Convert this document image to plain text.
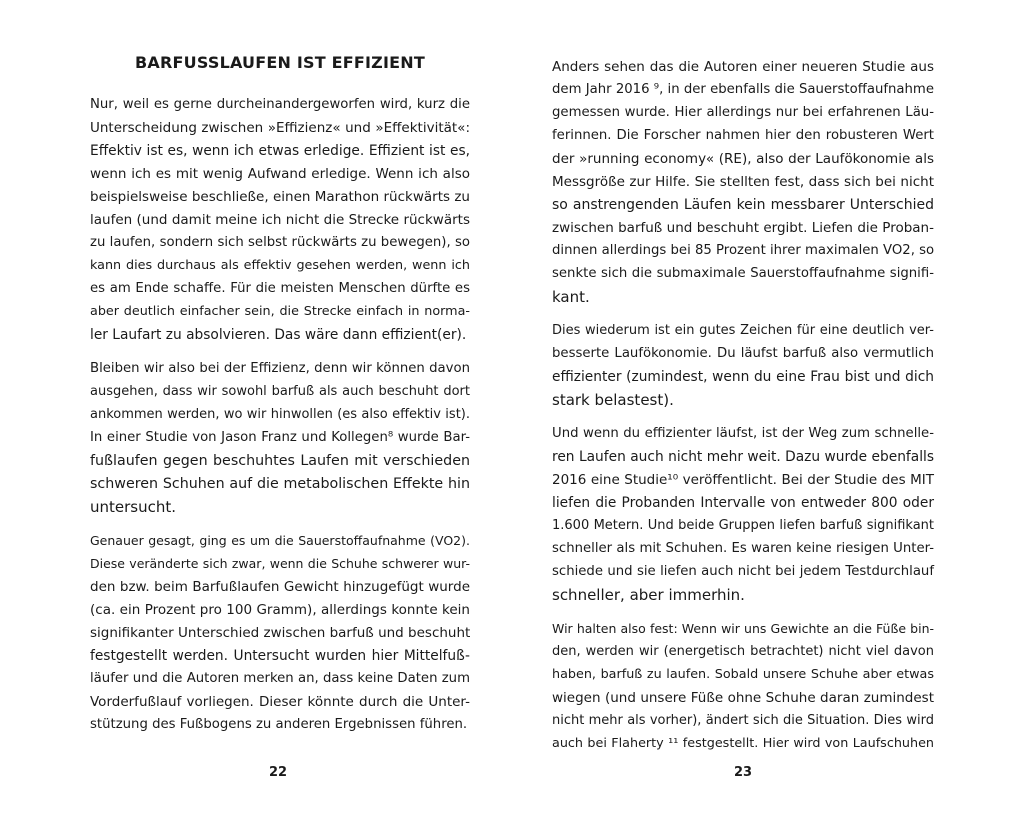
BARFUSSLAUFEN IST EFFIZIENT

Nur, weil es gerne durcheinandergeworfen wird, kurz die

Unterscheidung zwischen »Effizienz« und »Effektivität«:

Effektiv ist es, wenn ich etwas erledige. Effizient ist es,

wenn ich es mit wenig Aufwand erledige. Wenn ich also

beispielsweise beschließe, einen Marathon rückwärts zu

laufen (und damit meine ich nicht die Strecke rückwärts

zu laufen, sondern sich selbst rückwärts zu bewegen), so

kann dies durchaus als effektiv gesehen werden, wenn ich

es am Ende schaffe. Für die meisten Menschen dürfte es

aber deutlich einfacher sein, die Strecke einfach in norma-

ler Laufart zu absolvieren. Das wäre dann effizient(er).

Bleiben wir also bei der Effizienz, denn wir können davon

ausgehen, dass wir sowohl barfuß als auch beschuht dort

ankommen werden, wo wir hinwollen (es also effektiv ist).

In einer Studie von Jason Franz und Kollegen⁸ wurde Bar-

fußlaufen gegen beschuhtes Laufen mit verschieden

schweren Schuhen auf die metabolischen Effekte hin

untersucht.

Genauer gesagt, ging es um die Sauerstoffaufnahme (VO2).

Diese veränderte sich zwar, wenn die Schuhe schwerer wur-

den bzw. beim Barfußlaufen Gewicht hinzugefügt wurde

(ca. ein Prozent pro 100 Gramm), allerdings konnte kein

signifikanter Unterschied zwischen barfuß und beschuht

festgestellt werden. Untersucht wurden hier Mittelfuß-

läufer und die Autoren merken an, dass keine Daten zum

Vorderfußlauf vorliegen. Dieser könnte durch die Unter-

stützung des Fußbogens zu anderen Ergebnissen führen.

22

Anders sehen das die Autoren einer neueren Studie aus

dem Jahr 2016 ⁹, in der ebenfalls die Sauerstoffaufnahme

gemessen wurde. Hier allerdings nur bei erfahrenen Läu-

ferinnen. Die Forscher nahmen hier den robusteren Wert

der »running economy« (RE), also der Laufökonomie als

Messgröße zur Hilfe. Sie stellten fest, dass sich bei nicht

so anstrengenden Läufen kein messbarer Unterschied

zwischen barfuß und beschuht ergibt. Liefen die Proban-

dinnen allerdings bei 85 Prozent ihrer maximalen VO2, so

senkte sich die submaximale Sauerstoffaufnahme signifi-

kant.

Dies wiederum ist ein gutes Zeichen für eine deutlich ver-

besserte Laufökonomie. Du läufst barfuß also vermutlich

effizienter (zumindest, wenn du eine Frau bist und dich

stark belastest).

Und wenn du effizienter läufst, ist der Weg zum schnelle-

ren Laufen auch nicht mehr weit. Dazu wurde ebenfalls

2016 eine Studie¹⁰ veröffentlicht. Bei der Studie des MIT

liefen die Probanden Intervalle von entweder 800 oder

1.600 Metern. Und beide Gruppen liefen barfuß signifikant

schneller als mit Schuhen. Es waren keine riesigen Unter-

schiede und sie liefen auch nicht bei jedem Testdurchlauf

schneller, aber immerhin.

Wir halten also fest: Wenn wir uns Gewichte an die Füße bin-

den, werden wir (energetisch betrachtet) nicht viel davon

haben, barfuß zu laufen. Sobald unsere Schuhe aber etwas

wiegen (und unsere Füße ohne Schuhe daran zumindest

nicht mehr als vorher), ändert sich die Situation. Dies wird

auch bei Flaherty ¹¹ festgestellt. Hier wird von Laufschuhen

23
